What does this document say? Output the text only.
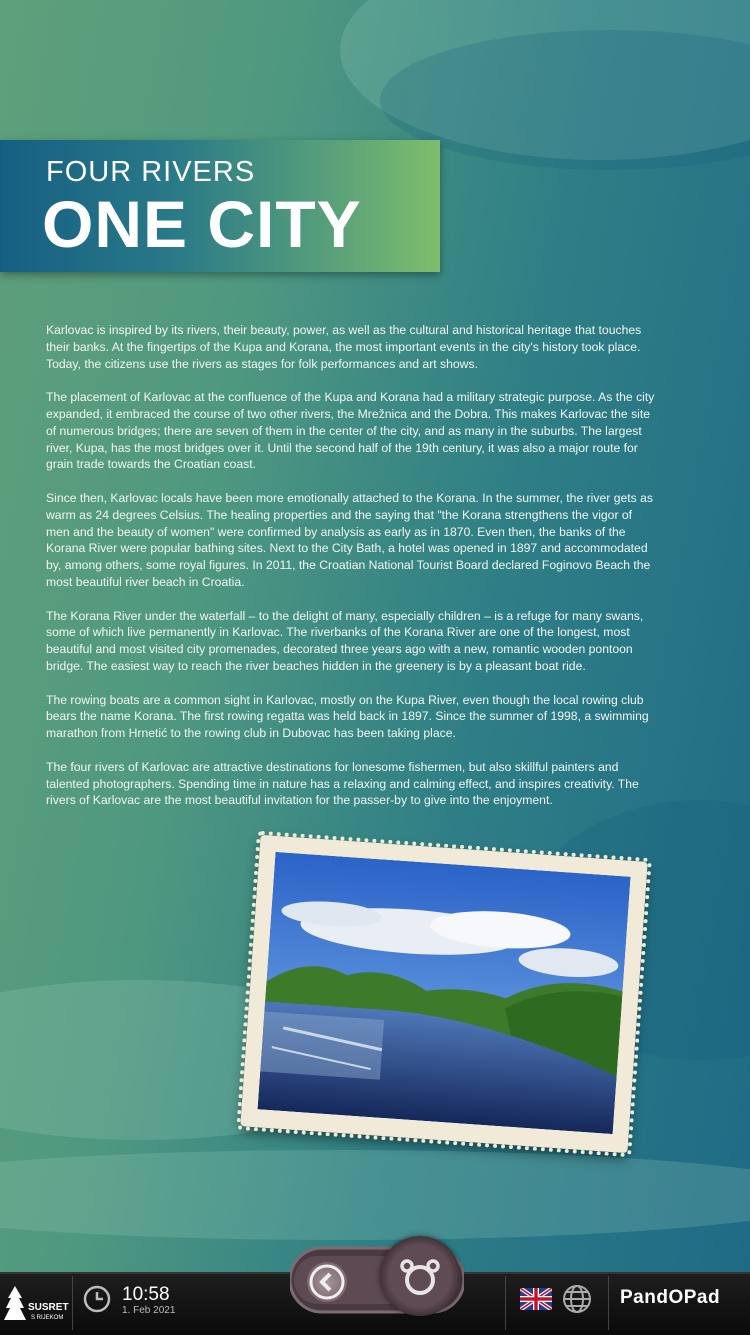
FOUR RIVERS
ONE CITY

Karlovac is inspired by its rivers, their beauty, power, as well as the cultural and historical heritage that touches their banks. At the fingertips of the Kupa and Korana, the most important events in the city's history took place. Today, the citizens use the rivers as stages for folk performances and art shows.

The placement of Karlovac at the confluence of the Kupa and Korana had a military strategic purpose. As the city expanded, it embraced the course of two other rivers, the Mrežnica and the Dobra. This makes Karlovac the site of numerous bridges; there are seven of them in the center of the city, and as many in the suburbs. The largest river, Kupa, has the most bridges over it. Until the second half of the 19th century, it was also a major route for grain trade towards the Croatian coast.

Since then, Karlovac locals have been more emotionally attached to the Korana. In the summer, the river gets as warm as 24 degrees Celsius. The healing properties and the saying that "the Korana strengthens the vigor of men and the beauty of women" were confirmed by analysis as early as in 1870. Even then, the banks of the Korana River were popular bathing sites. Next to the City Bath, a hotel was opened in 1897 and accommodated by, among others, some royal figures. In 2011, the Croatian National Tourist Board declared Foginovo Beach the most beautiful river beach in Croatia.

The Korana River under the waterfall – to the delight of many, especially children – is a refuge for many swans, some of which live permanently in Karlovac. The riverbanks of the Korana River are one of the longest, most beautiful and most visited city promenades, decorated three years ago with a new, romantic wooden pontoon bridge. The easiest way to reach the river beaches hidden in the greenery is by a pleasant boat ride.

The rowing boats are a common sight in Karlovac, mostly on the Kupa River, even though the local rowing club bears the name Korana. The first rowing regatta was held back in 1897. Since the summer of 1998, a swimming marathon from Hrnetić to the rowing club in Dubovac has been taking place.

The four rivers of Karlovac are attractive destinations for lonesome fishermen, but also skillful painters and talented photographers. Spending time in nature has a relaxing and calming effect, and inspires creativity. The rivers of Karlovac are the most beautiful invitation for the passer-by to give into the enjoyment.

SUSRET
S RIJEKOM
10:58
1. Feb 2021
PandOPad
